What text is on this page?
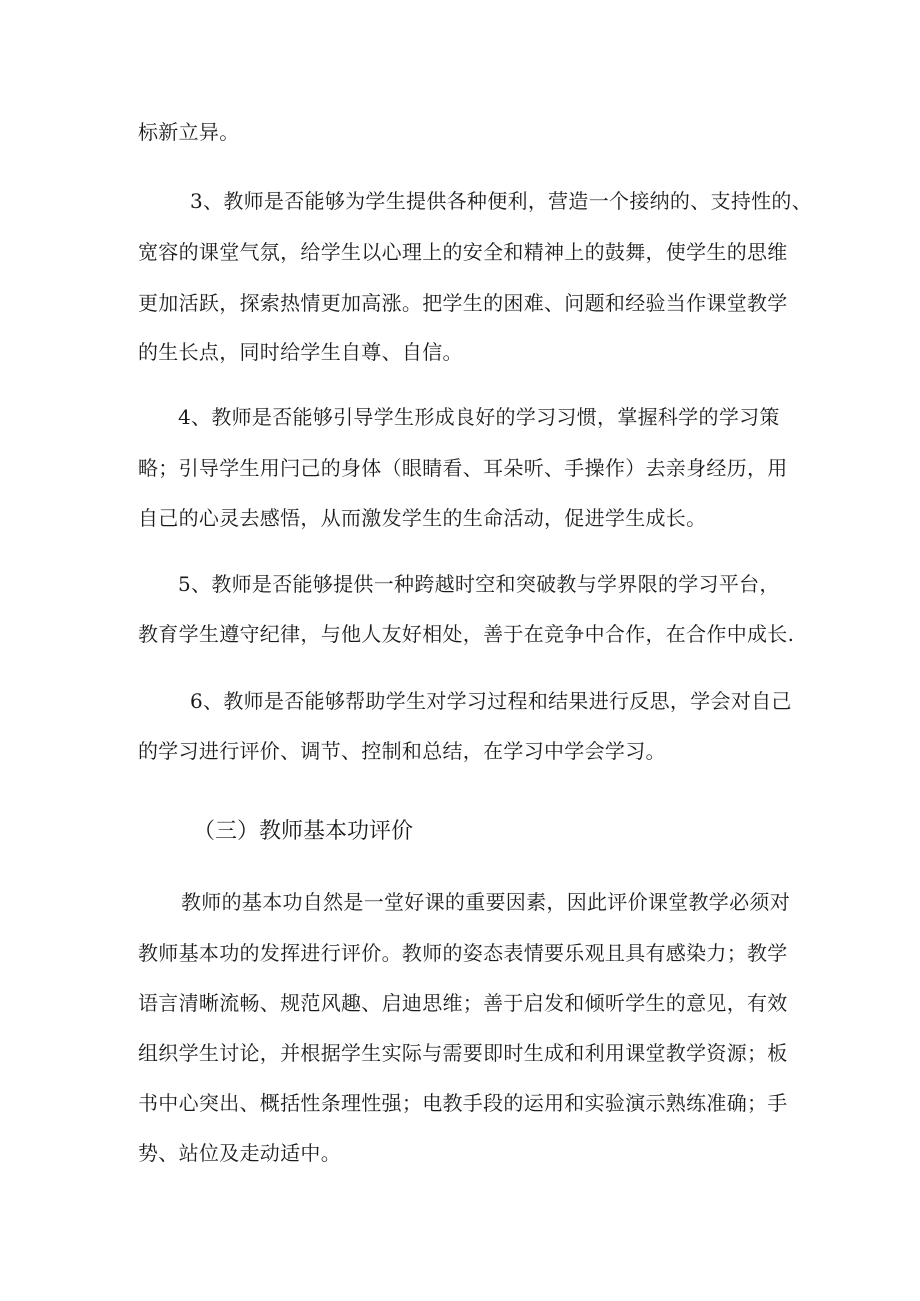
标新立异。
3、教师是否能够为学生提供各种便利，营造一个接纳的、支持性的、
宽容的课堂气氛，给学生以心理上的安全和精神上的鼓舞，使学生的思维
更加活跃，探索热情更加高涨。把学生的困难、问题和经验当作课堂教学
的生长点，同时给学生自尊、自信。
4、教师是否能够引导学生形成良好的学习习惯，掌握科学的学习策
略；引导学生用闩己的身体（眼睛看、耳朵听、手操作）去亲身经历，用
自己的心灵去感悟，从而激发学生的生命活动，促进学生成长。
5、教师是否能够提供一种跨越时空和突破教与学界限的学习平台，
教育学生遵守纪律，与他人友好相处，善于在竞争中合作，在合作中成长.
6、教师是否能够帮助学生对学习过程和结果进行反思，学会对自己
的学习进行评价、调节、控制和总结，在学习中学会学习。
（三）教师基本功评价
教师的基本功自然是一堂好课的重要因素，因此评价课堂教学必须对
教师基本功的发挥进行评价。教师的姿态表情要乐观且具有感染力；教学
语言清晰流畅、规范风趣、启迪思维；善于启发和倾听学生的意见，有效
组织学生讨论，并根据学生实际与需要即时生成和利用课堂教学资源；板
书中心突出、概括性条理性强；电教手段的运用和实验演示熟练准确；手
势、站位及走动适中。
